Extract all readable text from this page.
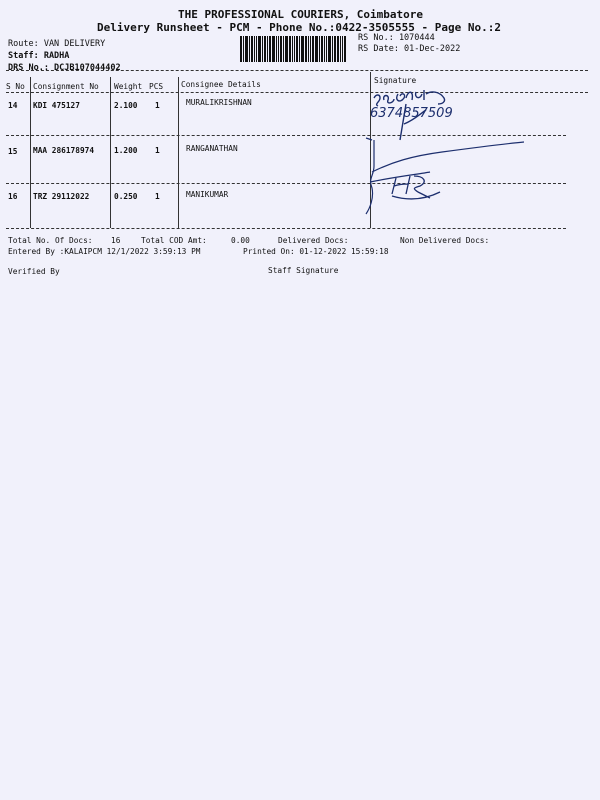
THE PROFESSIONAL COURIERS, Coimbatore
Delivery Runsheet - PCM - Phone No.:0422-3505555 - Page No.:2
Route: VAN DELIVERY
Staff: RADHA
DRS No.: DCJB107044402
RS No.: 1070444
RS Date: 01-Dec-2022
S No Consignment No Weight PCS Consignee Details	Signature
14 KDI 475127	2.100 1	MURALIKRISHNAN
15 MAA 286178974	1.200 1	RANGANATHAN
16 TRZ 29112022	0.250 1	MANIKUMAR
6374857509
Total No. Of Docs: 16	Total COD Amt:	0.00	Delivered Docs:	Non Delivered Docs:
Entered By :KALAIPCM 12/1/2022 3:59:13 PM	Printed On: 01-12-2022 15:59:18
Verified By	Staff Signature
